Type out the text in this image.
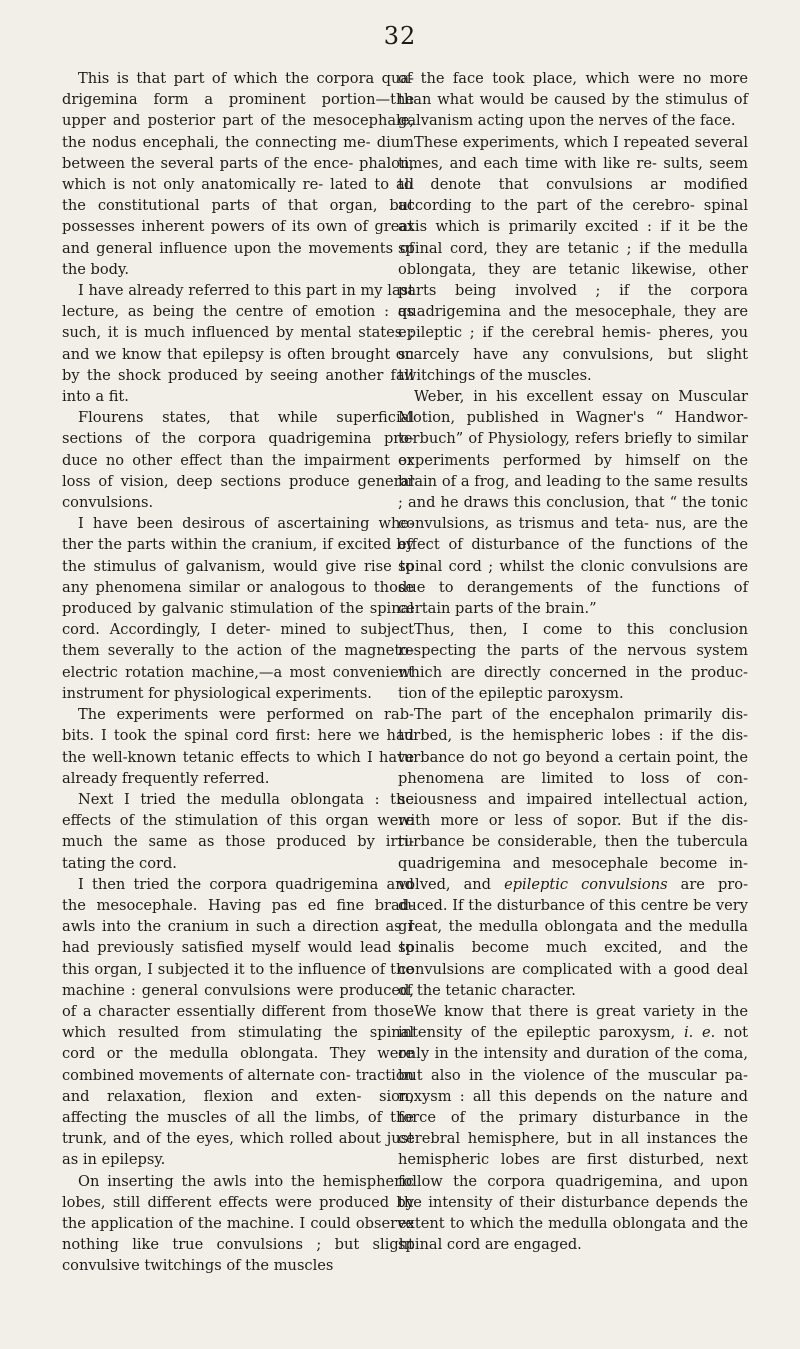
32

This is that part of which the corpora qua- drigemina form a prominent portion—the upper and posterior part of the mesocephale, the nodus encephali, the connecting me- dium between the several parts of the ence- phalon, which is not only anatomically re- lated to all the constitutional parts of that organ, but possesses inherent powers of its own of great and general influence upon the movements of the body.

I have already referred to this part in my last lecture, as being the centre of emotion : as such, it is much influenced by mental states ; and we know that epilepsy is often brought on by the shock produced by seeing another fall into a fit.

Flourens states, that while superficial sections of the corpora quadrigemina pro- duce no other effect than the impairment or loss of vision, deep sections produce general convulsions.

I have been desirous of ascertaining whe- ther the parts within the cranium, if excited by the stimulus of galvanism, would give rise to any phenomena similar or analogous to those produced by galvanic stimulation of the spinal cord. Accordingly, I deter- mined to subject them severally to the action of the magneto-electric rotation machine,—a most convenient instrument for physiological experiments.

The experiments were performed on rab- bits. I took the spinal cord first: here we had the well-known tetanic effects to which I have already frequently referred.

Next I tried the medulla oblongata : the effects of the stimulation of this organ were much the same as those produced by irri- tating the cord.

I then tried the corpora quadrigemina and the mesocephale. Having pas ed fine brad- awls into the cranium in such a direction as I had previously satisfied myself would lead to this organ, I subjected it to the influence of the machine : general convulsions were produced, of a character essentially different from those which resulted from stimulating the spinal cord or the medulla oblongata. They were combined movements of alternate con- traction and relaxation, flexion and exten- sion, affecting the muscles of all the limbs, of the trunk, and of the eyes, which rolled about just as in epilepsy.

On inserting the awls into the hemispheric lobes, still different effects were produced by the application of the machine. I could observe nothing like true convulsions ; but slight convulsive twitchings of the muscles

of the face took place, which were no more than what would be caused by the stimulus of galvanism acting upon the nerves of the face.

These experiments, which I repeated several times, and each time with like re- sults, seem to denote that convulsions ar modified according to the part of the cerebro- spinal axis which is primarily excited : if it be the spinal cord, they are tetanic ; if the medulla oblongata, they are tetanic likewise, other parts being involved ; if the corpora quadrigemina and the mesocephale, they are epileptic ; if the cerebral hemis- pheres, you scarcely have any convulsions, but slight twitchings of the muscles.

Weber, in his excellent essay on Muscular Motion, published in Wagner's “ Handwor- terbuch” of Physiology, refers briefly to similar experiments performed by himself on the brain of a frog, and leading to the same results ; and he draws this conclusion, that “ the tonic convulsions, as trismus and teta- nus, are the effect of disturbance of the functions of the spinal cord ; whilst the clonic convulsions are due to derangements of the functions of certain parts of the brain.”

Thus, then, I come to this conclusion respecting the parts of the nervous system which are directly concerned in the produc- tion of the epileptic paroxysm.

The part of the encephalon primarily dis- turbed, is the hemispheric lobes : if the dis- turbance do not go beyond a certain point, the phenomena are limited to loss of con- sciousness and impaired intellectual action, with more or less of sopor. But if the dis- turbance be considerable, then the tubercula quadrigemina and mesocephale become in- volved, and epileptic convulsions are pro- duced. If the disturbance of this centre be very great, the medulla oblongata and the medulla spinalis become much excited, and the convulsions are complicated with a good deal of the tetanic character.

We know that there is great variety in the intensity of the epileptic paroxysm, i. e. not only in the intensity and duration of the coma, but also in the violence of the muscular pa- roxysm : all this depends on the nature and force of the primary disturbance in the cerebral hemisphere, but in all instances the hemispheric lobes are first disturbed, next follow the corpora quadrigemina, and upon the intensity of their disturbance depends the extent to which the medulla oblongata and the spinal cord are engaged.
